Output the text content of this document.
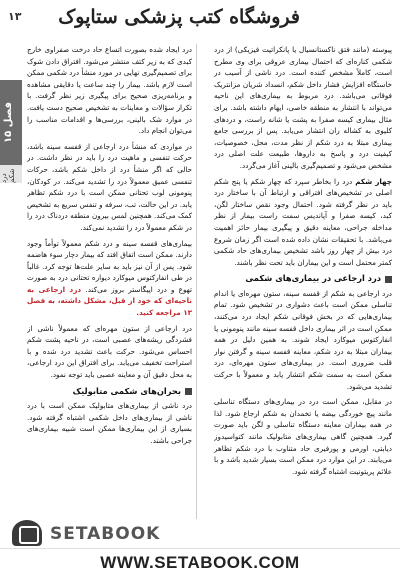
فروشگاه کتب پزشکی ستاپوک
۱۳
فصل ۱۵
درد شکم

پیوسته (مانند فتق ناکستانسیال یا پانکراتیت فیزیکی) از درد شکمی کناره‌ای که احتمال بیماری عروقی برای وی مطرح است، کاملاً مشخص کننده است. درد ناشی از آسیب در خاستگاه افزایش فشار داخل شکم، انسداد شریان مزانتریک فوقانی می‌باشد. درد مربوط به بیماری‌های این ناحیه می‌تواند با انتشار به منطقه خاصی، ایهام داشته باشد. برای مثال بیماری کیسه صفرا به پشت یا شانه راست، و دردهای کلیوی به کشاله ران انتشار می‌یابد. پس از بررسی جامع بیماری مبتلا به درد شکم از نظر مدت، محل، خصوصیات، کیفیت درد و پاسخ به داروها، طبیعت علت اصلی درد مشخص می‌شود و تصمیم‌گیری بالینی آغاز می‌گردد.

چهار شکم درد را بخاطر سپرد که چهار شکم یا پنج شکم اصلی در تشخیص‌های افتراقی و ارتباط آن با ساختار درد باید در نظر گرفته شود. احتمال وجود نقص ساختار لگن، کبد، کیسه صفرا و آپاندیس سمت راست بیمار از نظر مداخله جراحی، معاینه دقیق و پیگیری بیمار حائز اهمیت می‌باشد. با تحقیقات نشان داده شده است اگر زمان شروع درد بیش از چهار روز باشد تشخیص بیماری‌های حاد شکمی کمتر محتمل است و این بیماران باید تحت نظر باشند.

درد ارجاعی در بیماری‌های شکمی

درد ارجاعی به شکم از قفسه سینه، ستون مهره‌ای یا اندام تناسلی ممکن است باعث دشواری در تشخیص شود. تمام بیماری‌هایی که در بخش فوقانی شکم ایجاد درد می‌کنند، ممکن است در اثر بیماری داخل قفسه سینه مانند پنومونی یا انفارکتوس میوکارد ایجاد شوند. به همین دلیل در همه بیماران مبتلا به درد شکم، معاینه قفسه سینه و گرفتن نوار قلب ضروری است. در بیماری‌های ستون مهره‌ای، درد ممکن است به سمت شکم انتشار یابد و معمولاً با حرکت تشدید می‌شود.

در مقابل، ممکن است درد در بیماری‌های دستگاه تناسلی مانند پیچ خوردگی بیضه یا تخمدان به شکم ارجاع شود. لذا در همه بیماران معاینه دستگاه تناسلی و لگن باید صورت گیرد. همچنین گاهی بیماری‌های متابولیک مانند کتواسیدوز دیابتی، اورمی و پورفیری حاد متناوب با درد شکم تظاهر می‌یابند. در این موارد درد ممکن است بسیار شدید باشد و با علائم پریتونیت اشتباه گرفته شود.

درد ایجاد شده بصورت اتساع حاد درخت صفراوی خارج کبدی که به زیر کتف منتشر می‌شود. افتراق دادن شوک برای تصمیم‌گیری نهایی در مورد منشأ درد شکمی ممکن است لازم باشد. بیمار را چند ساعت یا دقایقی مشاهده و برنامه‌ریزی صحیح برای پیگیری زیر نظر گرفت. با تکرار سؤالات و معاینات به تشخیص صحیح دست یافت. در موارد شک بالینی، بررسی‌ها و اقدامات مناسب را می‌توان انجام داد.

در مواردی که منشأ درد ارجاعی از قفسه سینه باشد، حرکت تنفسی و ماهیت درد را باید در نظر داشت. در حالی که اگر منشأ درد از داخل شکم باشد، حرکات تنفسی عمیق معمولاً درد را تشدید می‌کند. در کودکان، پنومونی لوب تحتانی ممکن است با درد شکم تظاهر یابد. در این حالت، تب، سرفه و تنفس سریع به تشخیص کمک می‌کند. همچنین لمس بیرون منطقه دردناک درد را در شکم معمولاً درد را تشدید نمی‌کند.

بیماری‌های قفسه سینه و درد شکم معمولاً توأماً وجود دارند. ممکن است اتفاق افتد که بیمار دچار سوء هاضمه شود. پس از آن نیز باید به سایر علت‌ها توجه کرد. غالباً در طی انفارکتوس میوکارد دیواره تحتانی درد به صورت تهوع و درد اپیگاستر بروز می‌کند. درد ارجاعی به ناحیه‌ای که خود از قبل، مشکل داشته، به فصل ۱۳ مراجعه کنید.

درد ارجاعی از ستون مهره‌ای که معمولاً ناشی از فشردگی ریشه‌های عصبی است، در ناحیه پشت شکم احساس می‌شود. حرکت باعث تشدید درد شده و با استراحت تخفیف می‌یابد. برای افتراق این درد ارجاعی، به محل دقیق آن و معاینه عصبی باید توجه نمود.

بحران‌های شکمی متابولیک

درد ناشی از بیماری‌های متابولیک ممکن است با درد ناشی از بیماری‌های داخل شکمی اشتباه گرفته شود. بسیاری از این بیماری‌ها ممکن است شبیه بیماری‌های جراحی باشند.

SETABOOK
WWW.SETABOOK.COM
